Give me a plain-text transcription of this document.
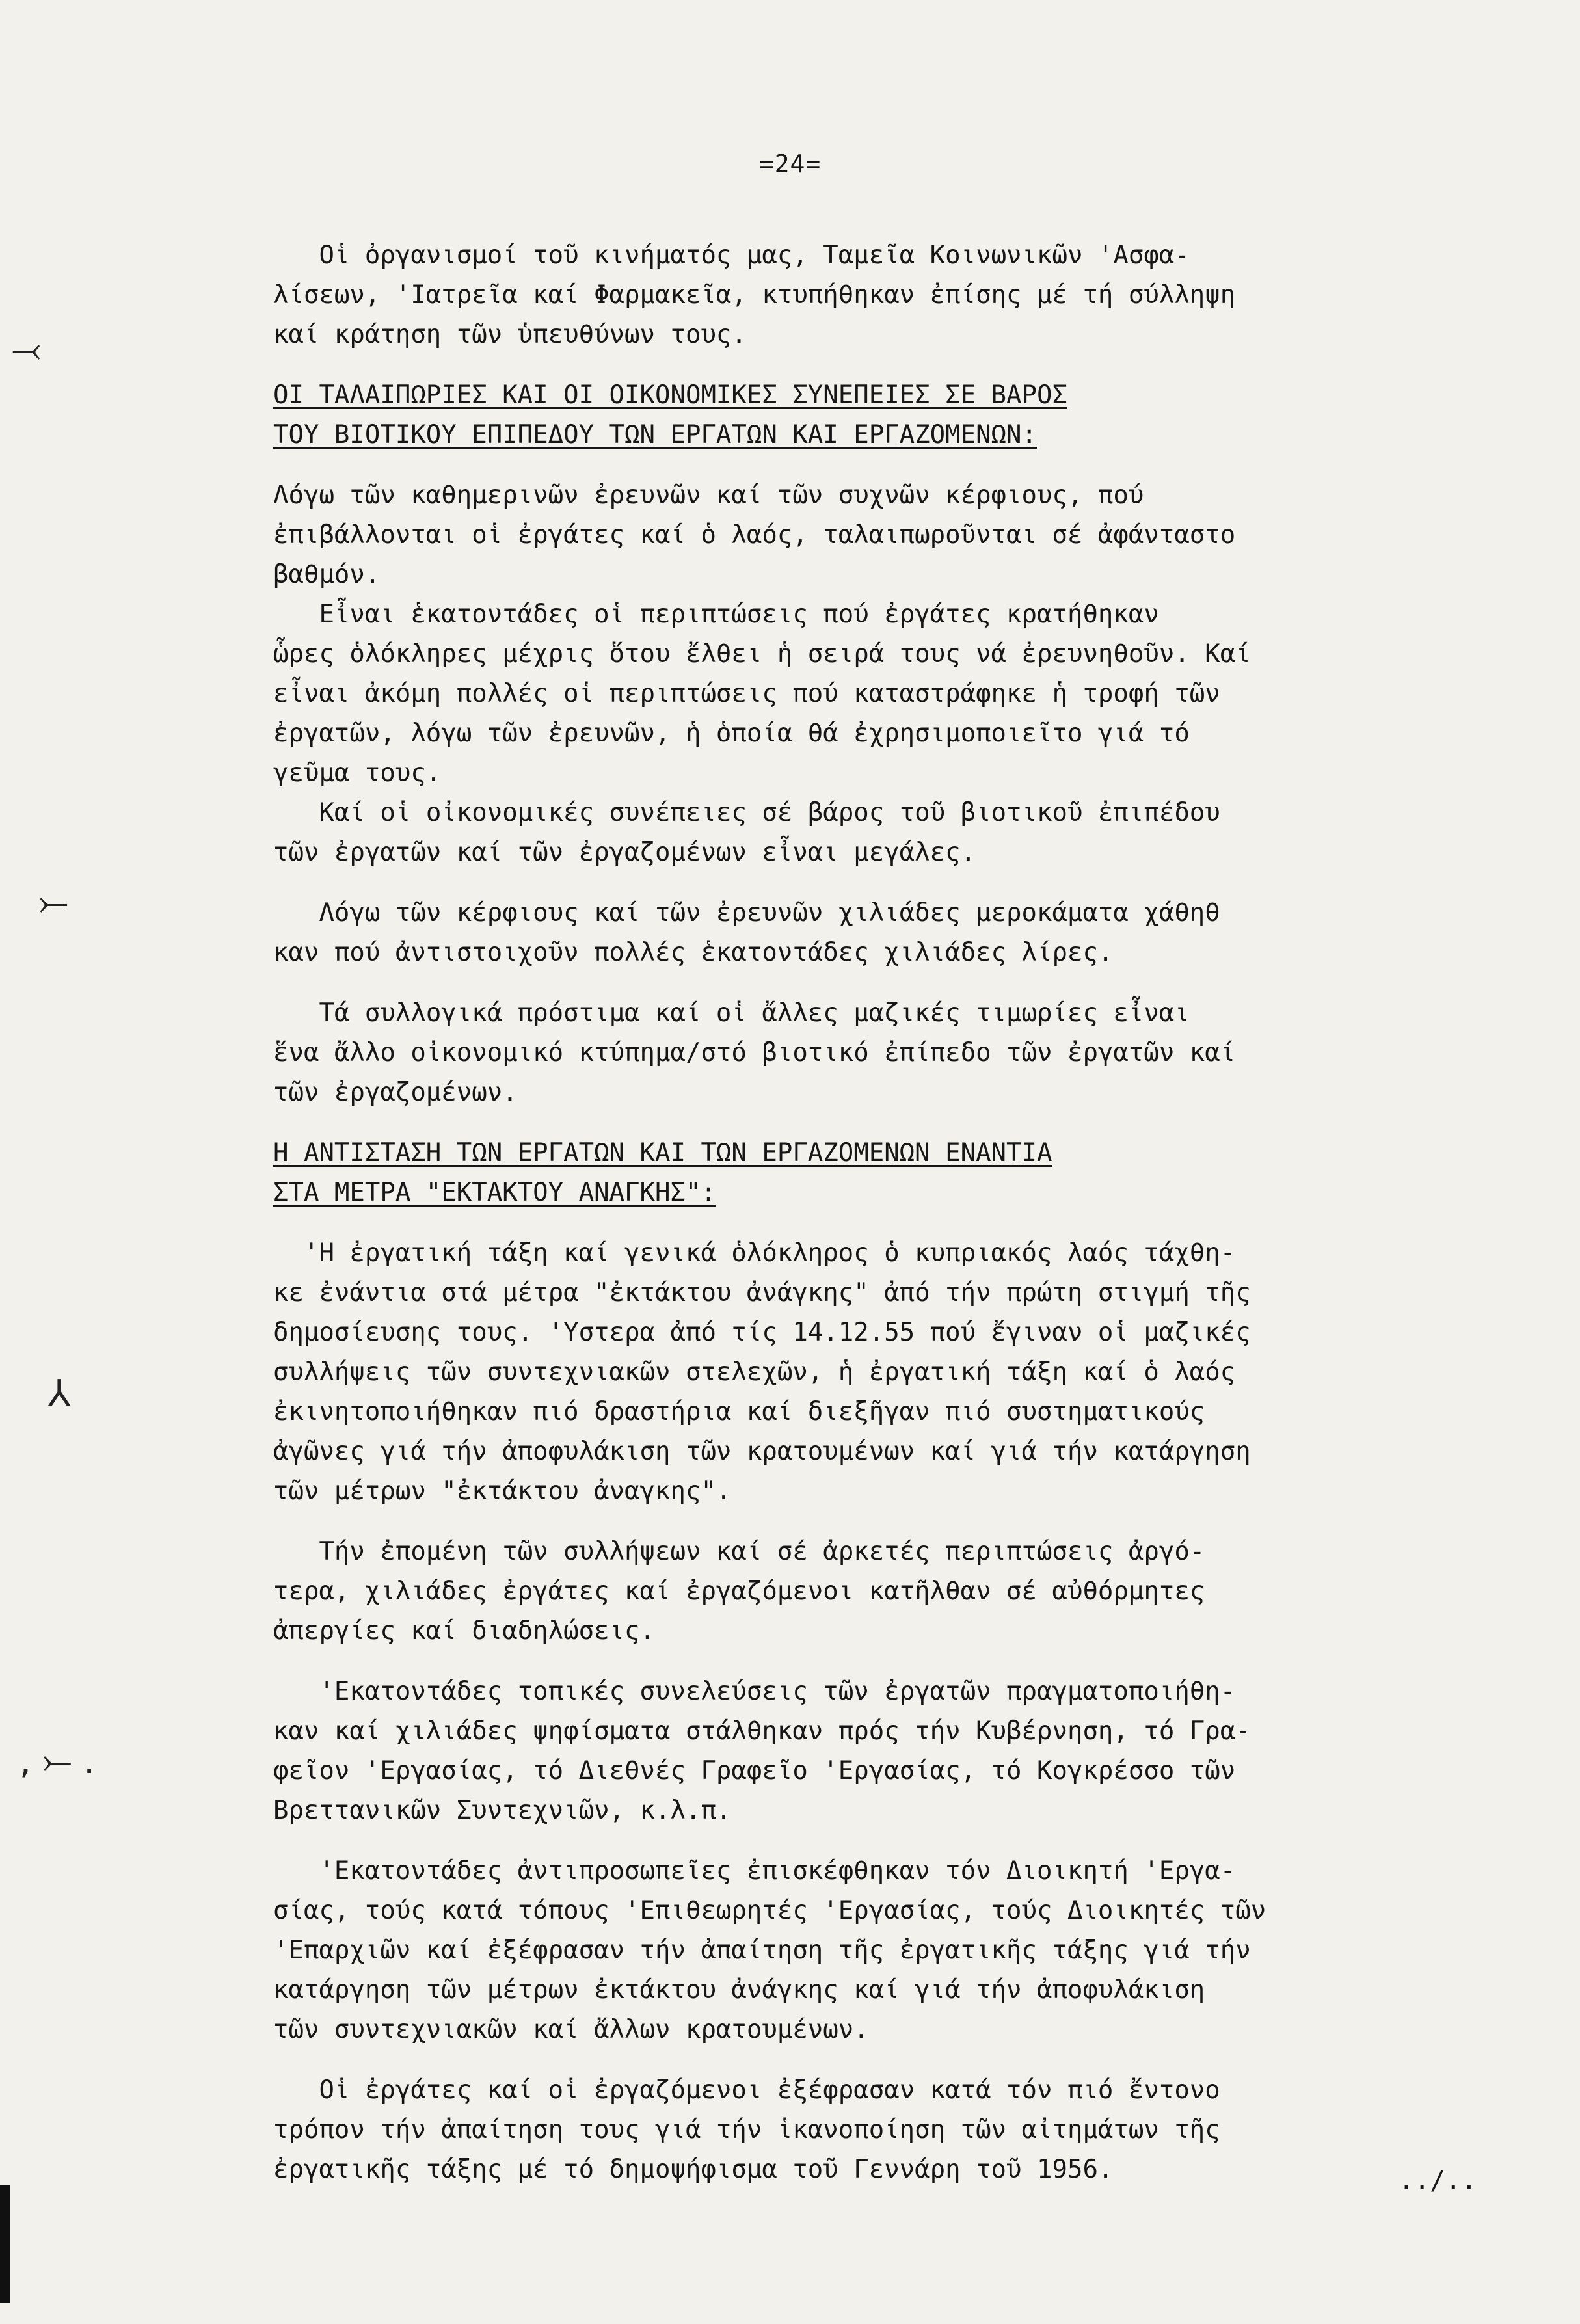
=24=

Οἱ ὀργανισμοί τοῦ κινήματός μας, Ταμεῖα Κοινωνικῶν 'Ασφα-

λίσεων, 'Ιατρεῖα καί Φαρμακεῖα, κτυπήθηκαν ἐπίσης μέ τή σύλληψη

καί κράτηση τῶν ὑπευθύνων τους.

ΟΙ ΤΑΛΑΙΠΩΡΙΕΣ ΚΑΙ ΟΙ ΟΙΚΟΝΟΜΙΚΕΣ ΣΥΝΕΠΕΙΕΣ ΣΕ ΒΑΡΟΣ

ΤΟΥ ΒΙΟΤΙΚΟΥ ΕΠΙΠΕΔΟΥ ΤΩΝ ΕΡΓΑΤΩΝ ΚΑΙ ΕΡΓΑΖΟΜΕΝΩΝ:

Λόγω τῶν καθημερινῶν ἐρευνῶν καί τῶν συχνῶν κέρφιους, πού

ἐπιβάλλονται οἱ ἐργάτες καί ὁ λαός, ταλαιπωροῦνται σέ ἀφάνταστο

βαθμόν.

Εἶναι ἑκατοντάδες οἱ περιπτώσεις πού ἐργάτες κρατήθηκαν

ὧρες ὁλόκληρες μέχρις ὅτου ἔλθει ἡ σειρά τους νά ἐρευνηθοῦν. Καί

εἶναι ἀκόμη πολλές οἱ περιπτώσεις πού καταστράφηκε ἡ τροφή τῶν

ἐργατῶν, λόγω τῶν ἐρευνῶν, ἡ ὁποία θά ἐχρησιμοποιεῖτο γιά τό

γεῦμα τους.

Καί οἱ οἰκονομικές συνέπειες σέ βάρος τοῦ βιοτικοῦ ἐπιπέδου

τῶν ἐργατῶν καί τῶν ἐργαζομένων εἶναι μεγάλες.

Λόγω τῶν κέρφιους καί τῶν ἐρευνῶν χιλιάδες μεροκάματα χάθηθ

καν πού ἀντιστοιχοῦν πολλές ἑκατοντάδες χιλιάδες λίρες.

Τά συλλογικά πρόστιμα καί οἱ ἄλλες μαζικές τιμωρίες εἶναι

ἕνα ἄλλο οἰκονομικό κτύπημα/στό βιοτικό ἐπίπεδο τῶν ἐργατῶν καί

τῶν ἐργαζομένων.

Η ΑΝΤΙΣΤΑΣΗ ΤΩΝ ΕΡΓΑΤΩΝ ΚΑΙ ΤΩΝ ΕΡΓΑΖΟΜΕΝΩΝ ΕΝΑΝΤΙΑ

ΣΤΑ ΜΕΤΡΑ "ΕΚΤΑΚΤΟΥ ΑΝΑΓΚΗΣ":

'Η ἐργατική τάξη καί γενικά ὁλόκληρος ὁ κυπριακός λαός τάχθη-

κε ἐνάντια στά μέτρα "ἐκτάκτου ἀνάγκης" ἀπό τήν πρώτη στιγμή τῆς

δημοσίευσης τους. 'Υστερα ἀπό τίς 14.12.55 πού ἔγιναν οἱ μαζικές

συλλήψεις τῶν συντεχνιακῶν στελεχῶν, ἡ ἐργατική τάξη καί ὁ λαός

ἐκινητοποιήθηκαν πιό δραστήρια καί διεξῆγαν πιό συστηματικούς

ἀγῶνες γιά τήν ἀποφυλάκιση τῶν κρατουμένων καί γιά τήν κατάργηση

τῶν μέτρων "ἐκτάκτου ἀναγκης".

Τήν ἐπομένη τῶν συλλήψεων καί σέ ἀρκετές περιπτώσεις ἀργό-

τερα, χιλιάδες ἐργάτες καί ἐργαζόμενοι κατῆλθαν σέ αὐθόρμητες

ἀπεργίες καί διαδηλώσεις.

'Εκατοντάδες τοπικές συνελεύσεις τῶν ἐργατῶν πραγματοποιήθη-

καν καί χιλιάδες ψηφίσματα στάλθηκαν πρός τήν Κυβέρνηση, τό Γρα-

φεῖον 'Εργασίας, τό Διεθνές Γραφεῖο 'Εργασίας, τό Κογκρέσσο τῶν

Βρεττανικῶν Συντεχνιῶν, κ.λ.π.

'Εκατοντάδες ἀντιπροσωπεῖες ἐπισκέφθηκαν τόν Διοικητή 'Εργα-

σίας, τούς κατά τόπους 'Επιθεωρητές 'Εργασίας, τούς Διοικητές τῶν

'Επαρχιῶν καί ἐξέφρασαν τήν ἀπαίτηση τῆς ἐργατικῆς τάξης γιά τήν

κατάργηση τῶν μέτρων ἐκτάκτου ἀνάγκης καί γιά τήν ἀποφυλάκιση

τῶν συντεχνιακῶν καί ἄλλων κρατουμένων.

Οἱ ἐργάτες καί οἱ ἐργαζόμενοι ἐξέφρασαν κατά τόν πιό ἔντονο

τρόπον τήν ἀπαίτηση τους γιά τήν ἱκανοποίηση τῶν αἰτημάτων τῆς

ἐργατικῆς τάξης μέ τό δημοψήφισμα τοῦ Γεννάρη τοῦ 1956.	../..
⤙
⤚
⅄
, ⤚ .
